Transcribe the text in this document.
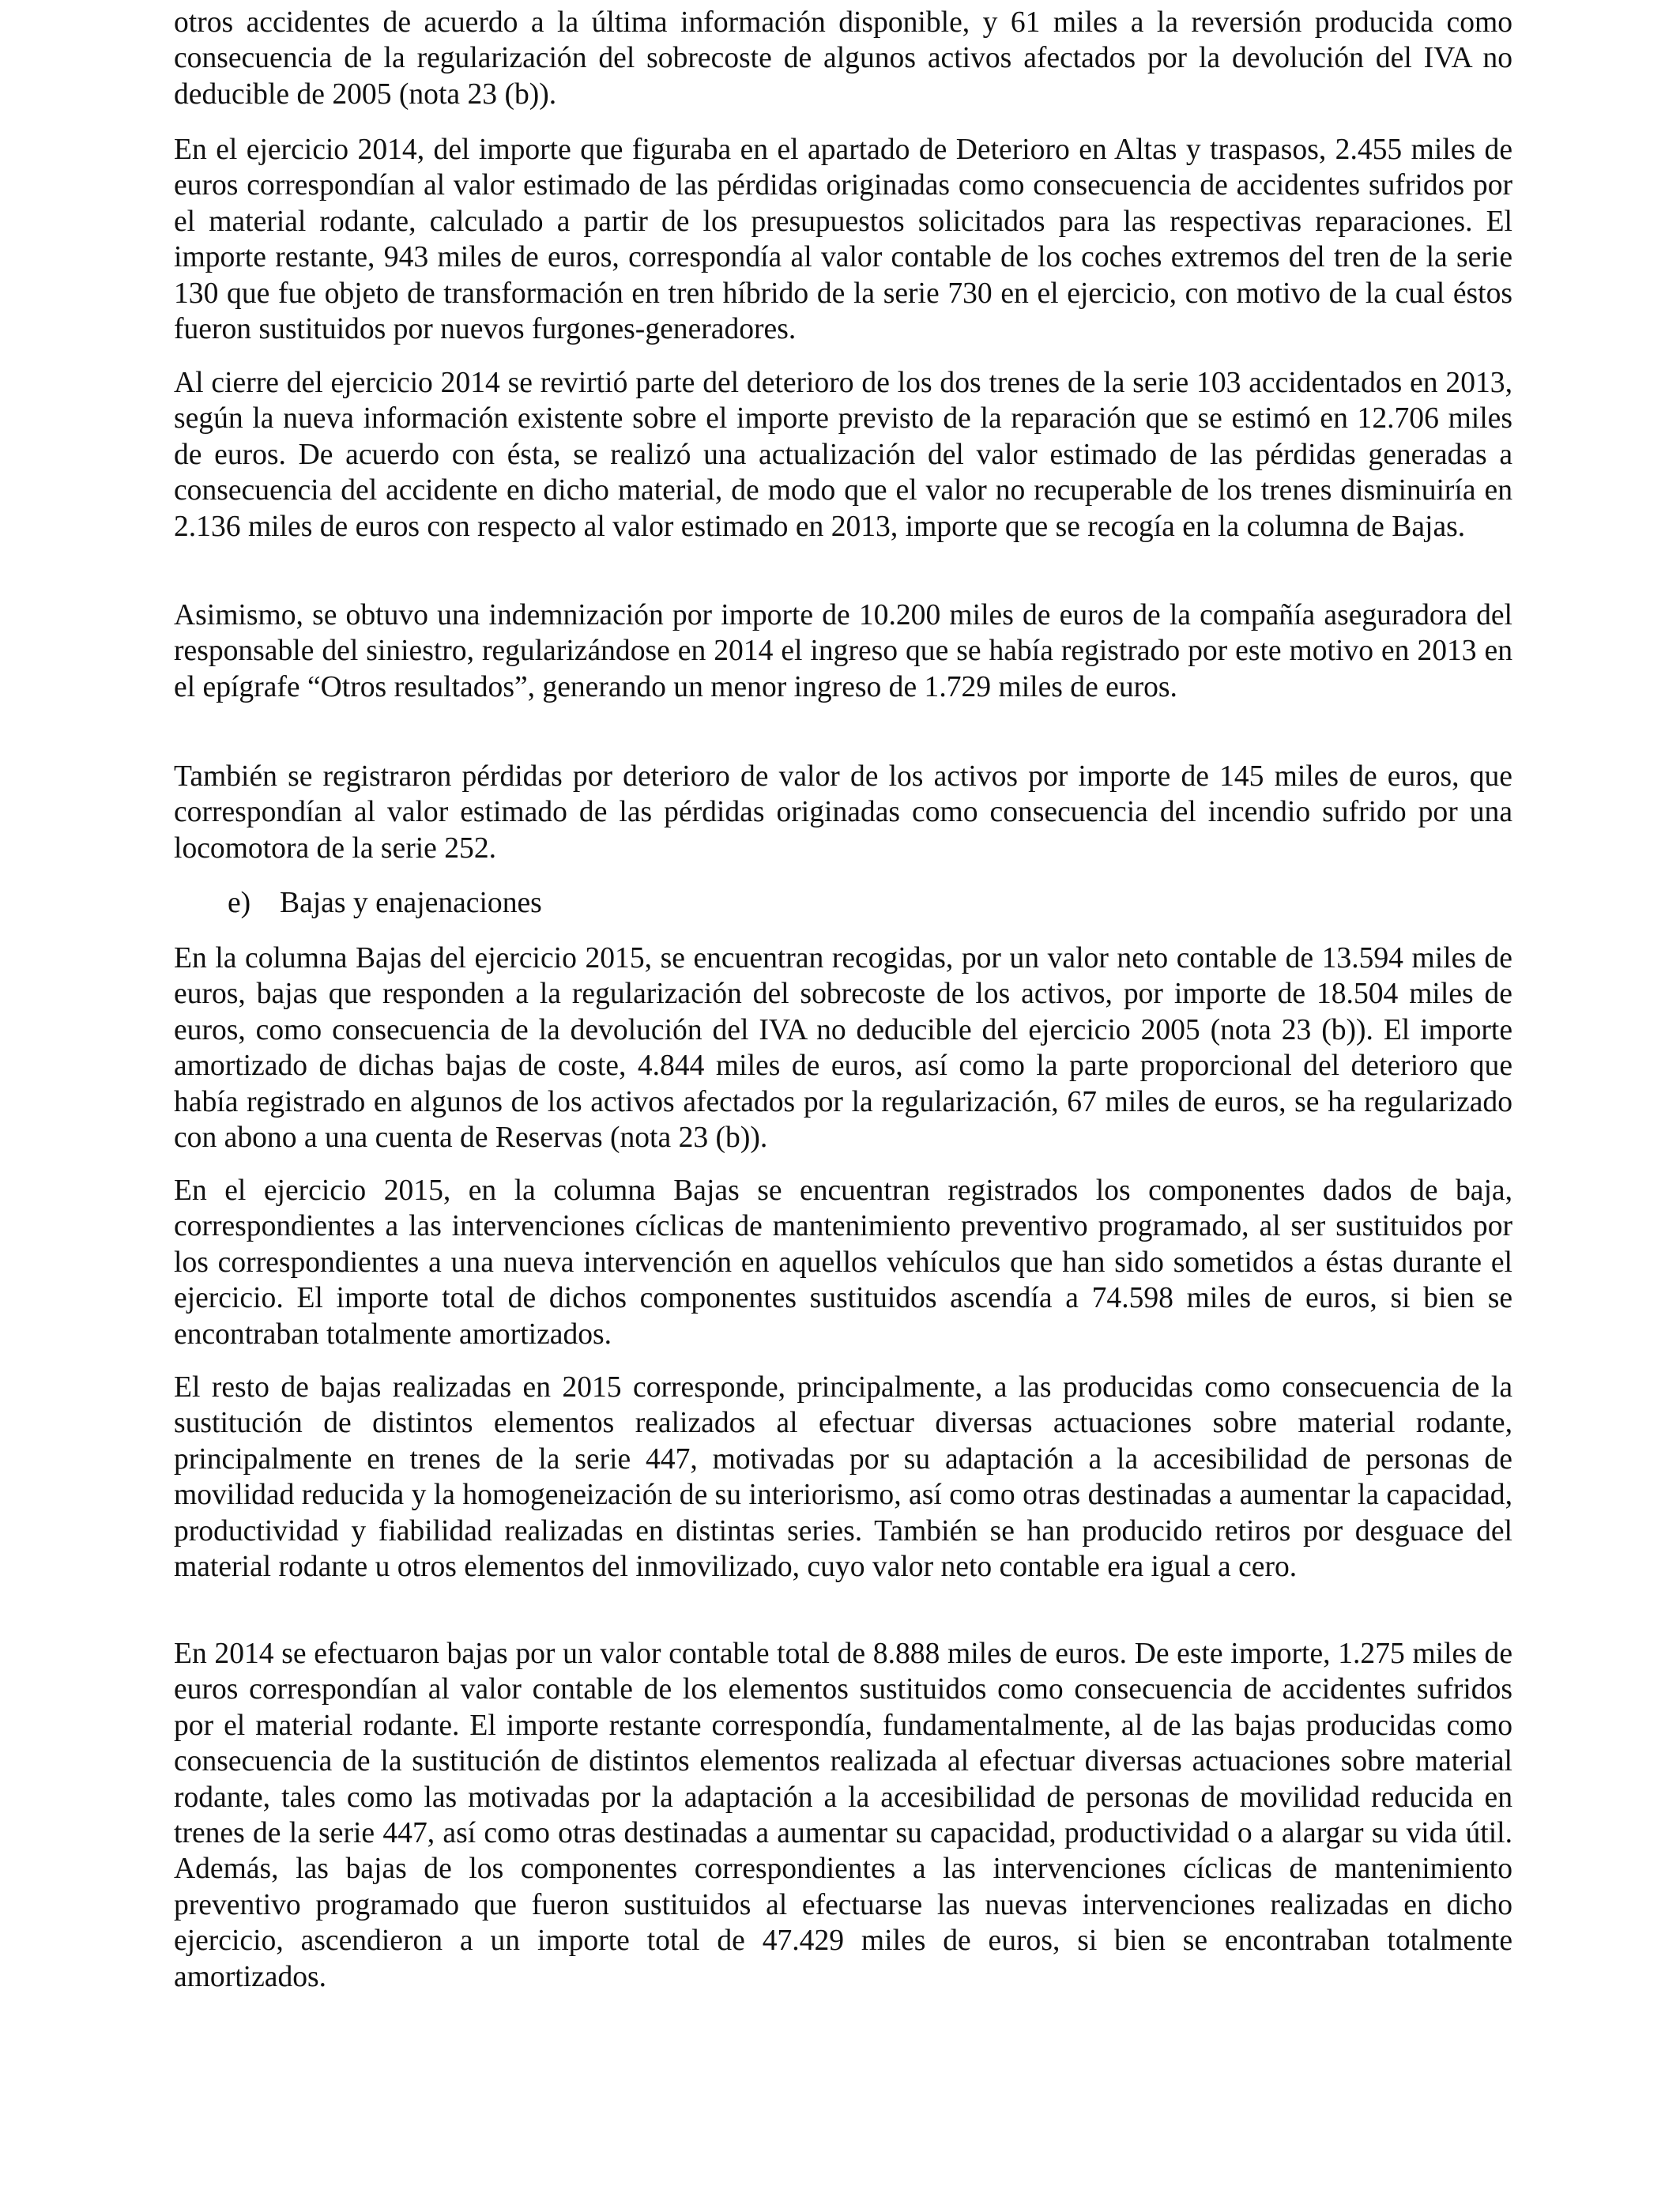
otros accidentes de acuerdo a la última información disponible, y 61 miles a la reversión producida como consecuencia de la regularización del sobrecoste de algunos activos afectados por la devolución del IVA no deducible de 2005 (nota 23 (b)).

En el ejercicio 2014, del importe que figuraba en el apartado de Deterioro en Altas y traspasos, 2.455 miles de euros correspondían al valor estimado de las pérdidas originadas como consecuencia de accidentes sufridos por el material rodante, calculado a partir de los presupuestos solicitados para las respectivas reparaciones. El importe restante, 943 miles de euros, correspondía al valor contable de los coches extremos del tren de la serie 130 que fue objeto de transformación en tren híbrido de la serie 730 en el ejercicio, con motivo de la cual éstos fueron sustituidos por nuevos furgones-generadores.

Al cierre del ejercicio 2014 se revirtió parte del deterioro de los dos trenes de la serie 103 accidentados en 2013, según la nueva información existente sobre el importe previsto de la reparación que se estimó en 12.706 miles de euros. De acuerdo con ésta, se realizó una actualización del valor estimado de las pérdidas generadas a consecuencia del accidente en dicho material, de modo que el valor no recuperable de los trenes disminuiría en 2.136 miles de euros con respecto al valor estimado en 2013, importe que se recogía en la columna de Bajas.

Asimismo, se obtuvo una indemnización por importe de 10.200 miles de euros de la compañía aseguradora del responsable del siniestro, regularizándose en 2014 el ingreso que se había registrado por este motivo en 2013 en el epígrafe “Otros resultados”, generando un menor ingreso de 1.729 miles de euros.

También se registraron pérdidas por deterioro de valor de los activos por importe de 145 miles de euros, que correspondían al valor estimado de las pérdidas originadas como consecuencia del incendio sufrido por una locomotora de la serie 252.

e) Bajas y enajenaciones

En la columna Bajas del ejercicio 2015, se encuentran recogidas, por un valor neto contable de 13.594 miles de euros, bajas que responden a la regularización del sobrecoste de los activos, por importe de 18.504 miles de euros, como consecuencia de la devolución del IVA no deducible del ejercicio 2005 (nota 23 (b)). El importe amortizado de dichas bajas de coste, 4.844 miles de euros, así como la parte proporcional del deterioro que había registrado en algunos de los activos afectados por la regularización, 67 miles de euros, se ha regularizado con abono a una cuenta de Reservas (nota 23 (b)).

En el ejercicio 2015, en la columna Bajas se encuentran registrados los componentes dados de baja, correspondientes a las intervenciones cíclicas de mantenimiento preventivo programado, al ser sustituidos por los correspondientes a una nueva intervención en aquellos vehículos que han sido sometidos a éstas durante el ejercicio. El importe total de dichos componentes sustituidos ascendía a 74.598 miles de euros, si bien se encontraban totalmente amortizados.

El resto de bajas realizadas en 2015 corresponde, principalmente, a las producidas como consecuencia de la sustitución de distintos elementos realizados al efectuar diversas actuaciones sobre material rodante, principalmente en trenes de la serie 447, motivadas por su adaptación a la accesibilidad de personas de movilidad reducida y la homogeneización de su interiorismo, así como otras destinadas a aumentar la capacidad, productividad y fiabilidad realizadas en distintas series. También se han producido retiros por desguace del material rodante u otros elementos del inmovilizado, cuyo valor neto contable era igual a cero.

En 2014 se efectuaron bajas por un valor contable total de 8.888 miles de euros. De este importe, 1.275 miles de euros correspondían al valor contable de los elementos sustituidos como consecuencia de accidentes sufridos por el material rodante. El importe restante correspondía, fundamentalmente, al de las bajas producidas como consecuencia de la sustitución de distintos elementos realizada al efectuar diversas actuaciones sobre material rodante, tales como las motivadas por la adaptación a la accesibilidad de personas de movilidad reducida en trenes de la serie 447, así como otras destinadas a aumentar su capacidad, productividad o a alargar su vida útil. Además, las bajas de los componentes correspondientes a las intervenciones cíclicas de mantenimiento preventivo programado que fueron sustituidos al efectuarse las nuevas intervenciones realizadas en dicho ejercicio, ascendieron a un importe total de 47.429 miles de euros, si bien se encontraban totalmente amortizados.
